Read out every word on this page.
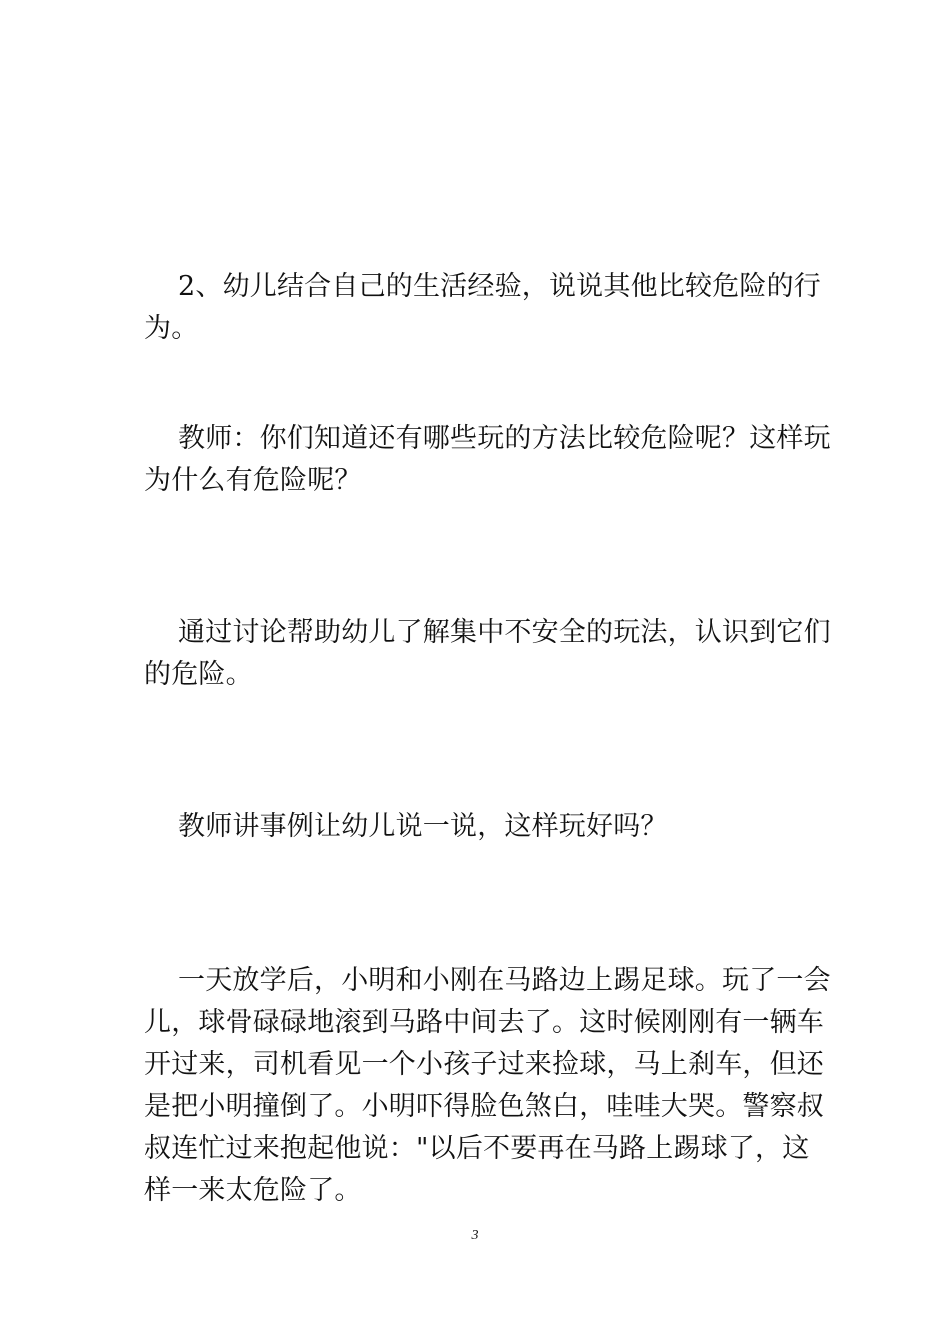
2、幼儿结合自己的生活经验，说说其他比较危险的行为。

教师：你们知道还有哪些玩的方法比较危险呢？这样玩为什么有危险呢？

通过讨论帮助幼儿了解集中不安全的玩法，认识到它们的危险。

教师讲事例让幼儿说一说，这样玩好吗？

一天放学后，小明和小刚在马路边上踢足球。玩了一会儿，球骨碌碌地滚到马路中间去了。这时候刚刚有一辆车开过来，司机看见一个小孩子过来捡球，马上刹车，但还是把小明撞倒了。小明吓得脸色煞白，哇哇大哭。警察叔叔连忙过来抱起他说："以后不要再在马路上踢球了，这样一来太危险了。

3
